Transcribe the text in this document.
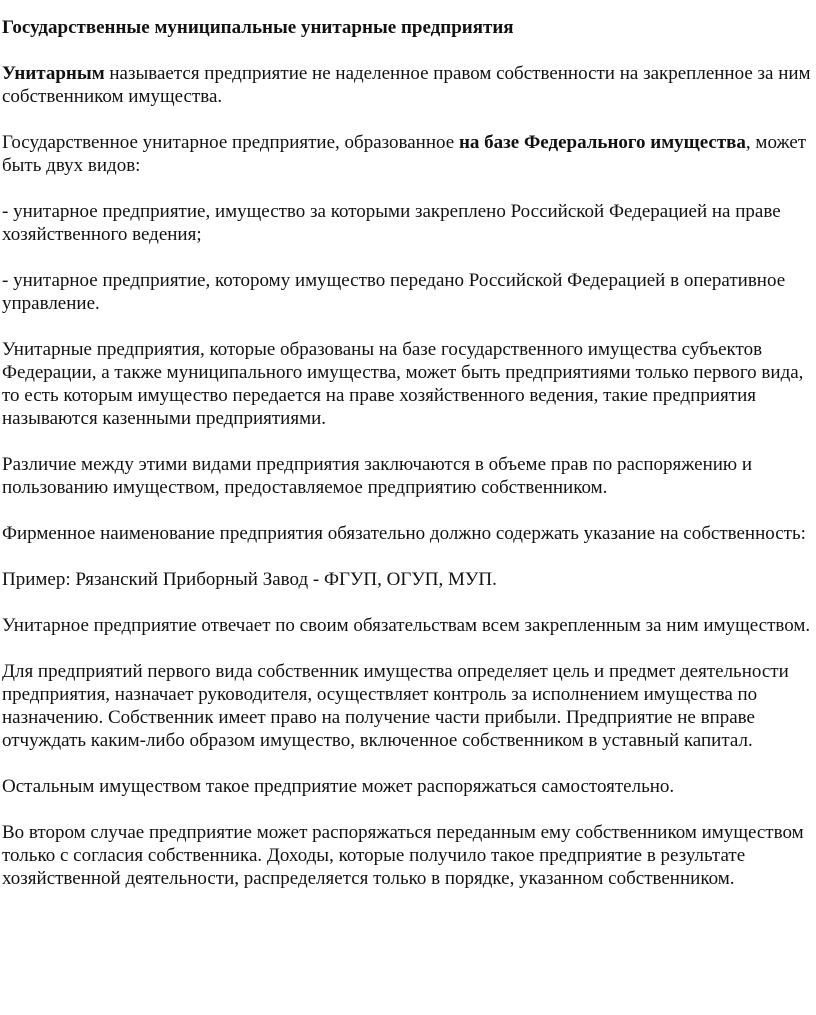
Государственные муниципальные унитарные предприятия

Унитарным называется предприятие не наделенное правом собственности на закрепленное за ним собственником имущества.

Государственное унитарное предприятие, образованное на базе Федерального имущества, может быть двух видов:

- унитарное предприятие, имущество за которыми закреплено Российской Федерацией на праве хозяйственного ведения;

- унитарное предприятие, которому имущество передано Российской Федерацией в оперативное управление.

Унитарные предприятия, которые образованы на базе государственного имущества субъектов Федерации, а также муниципального имущества, может быть предприятиями только первого вида, то есть которым имущество передается на праве хозяйственного ведения, такие предприятия называются казенными предприятиями.

Различие между этими видами предприятия заключаются в объеме прав по распоряжению и пользованию имуществом, предоставляемое предприятию собственником.

Фирменное наименование предприятия обязательно должно содержать указание на собственность:

Пример: Рязанский Приборный Завод - ФГУП, ОГУП, МУП.

Унитарное предприятие отвечает по своим обязательствам всем закрепленным за ним имуществом.

Для предприятий первого вида собственник имущества определяет цель и предмет деятельности предприятия, назначает руководителя, осуществляет контроль за исполнением имущества по назначению. Собственник имеет право на получение части прибыли. Предприятие не вправе отчуждать каким-либо образом имущество, включенное собственником в уставный капитал.

Остальным имуществом такое предприятие может распоряжаться самостоятельно.

Во втором случае предприятие может распоряжаться переданным ему собственником имуществом только с согласия собственника. Доходы, которые получило такое предприятие в результате хозяйственной деятельности, распределяется только в порядке, указанном собственником.
